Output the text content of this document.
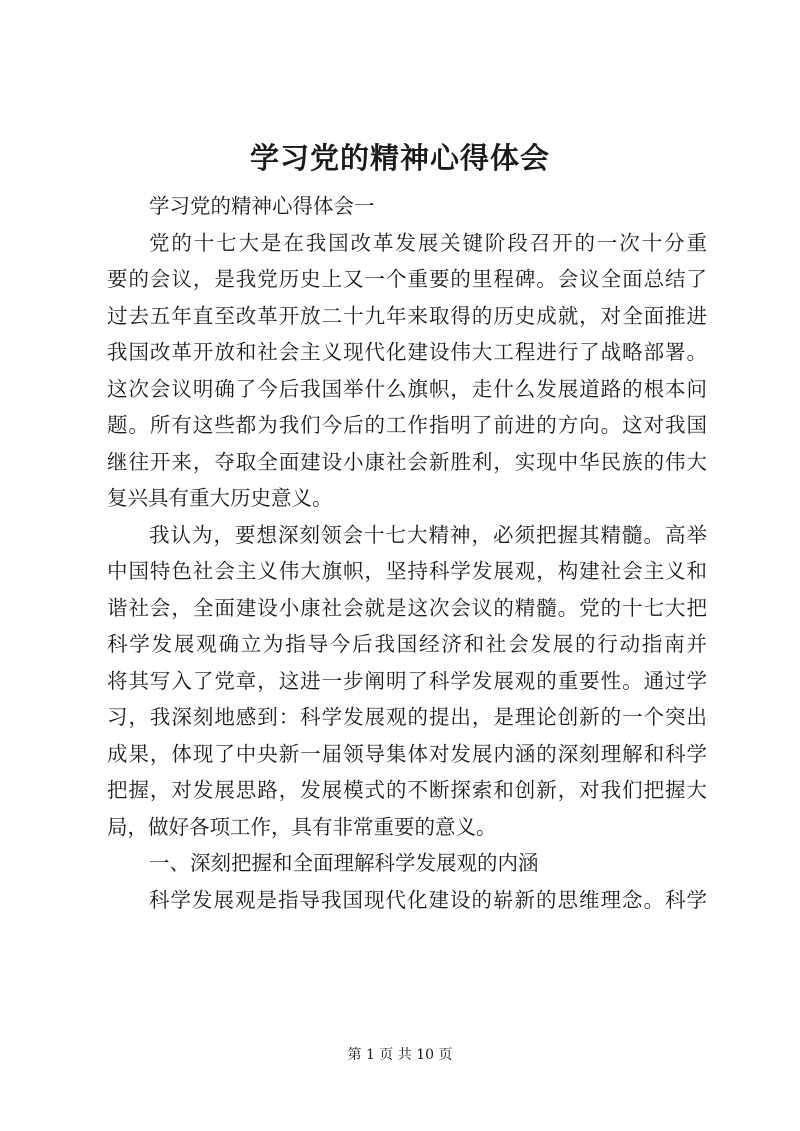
学习党的精神心得体会
学习党的精神心得体会一
党的十七大是在我国改革发展关键阶段召开的一次十分重
要的会议，是我党历史上又一个重要的里程碑。会议全面总结了
过去五年直至改革开放二十九年来取得的历史成就，对全面推进
我国改革开放和社会主义现代化建设伟大工程进行了战略部署。
这次会议明确了今后我国举什么旗帜，走什么发展道路的根本问
题。所有这些都为我们今后的工作指明了前进的方向。这对我国
继往开来，夺取全面建设小康社会新胜利，实现中华民族的伟大
复兴具有重大历史意义。
我认为，要想深刻领会十七大精神，必须把握其精髓。高举
中国特色社会主义伟大旗帜，坚持科学发展观，构建社会主义和
谐社会，全面建设小康社会就是这次会议的精髓。党的十七大把
科学发展观确立为指导今后我国经济和社会发展的行动指南并
将其写入了党章，这进一步阐明了科学发展观的重要性。通过学
习，我深刻地感到：科学发展观的提出，是理论创新的一个突出
成果，体现了中央新一届领导集体对发展内涵的深刻理解和科学
把握，对发展思路，发展模式的不断探索和创新，对我们把握大
局，做好各项工作，具有非常重要的意义。
一、深刻把握和全面理解科学发展观的内涵
科学发展观是指导我国现代化建设的崭新的思维理念。科学
第 1 页 共 10 页
